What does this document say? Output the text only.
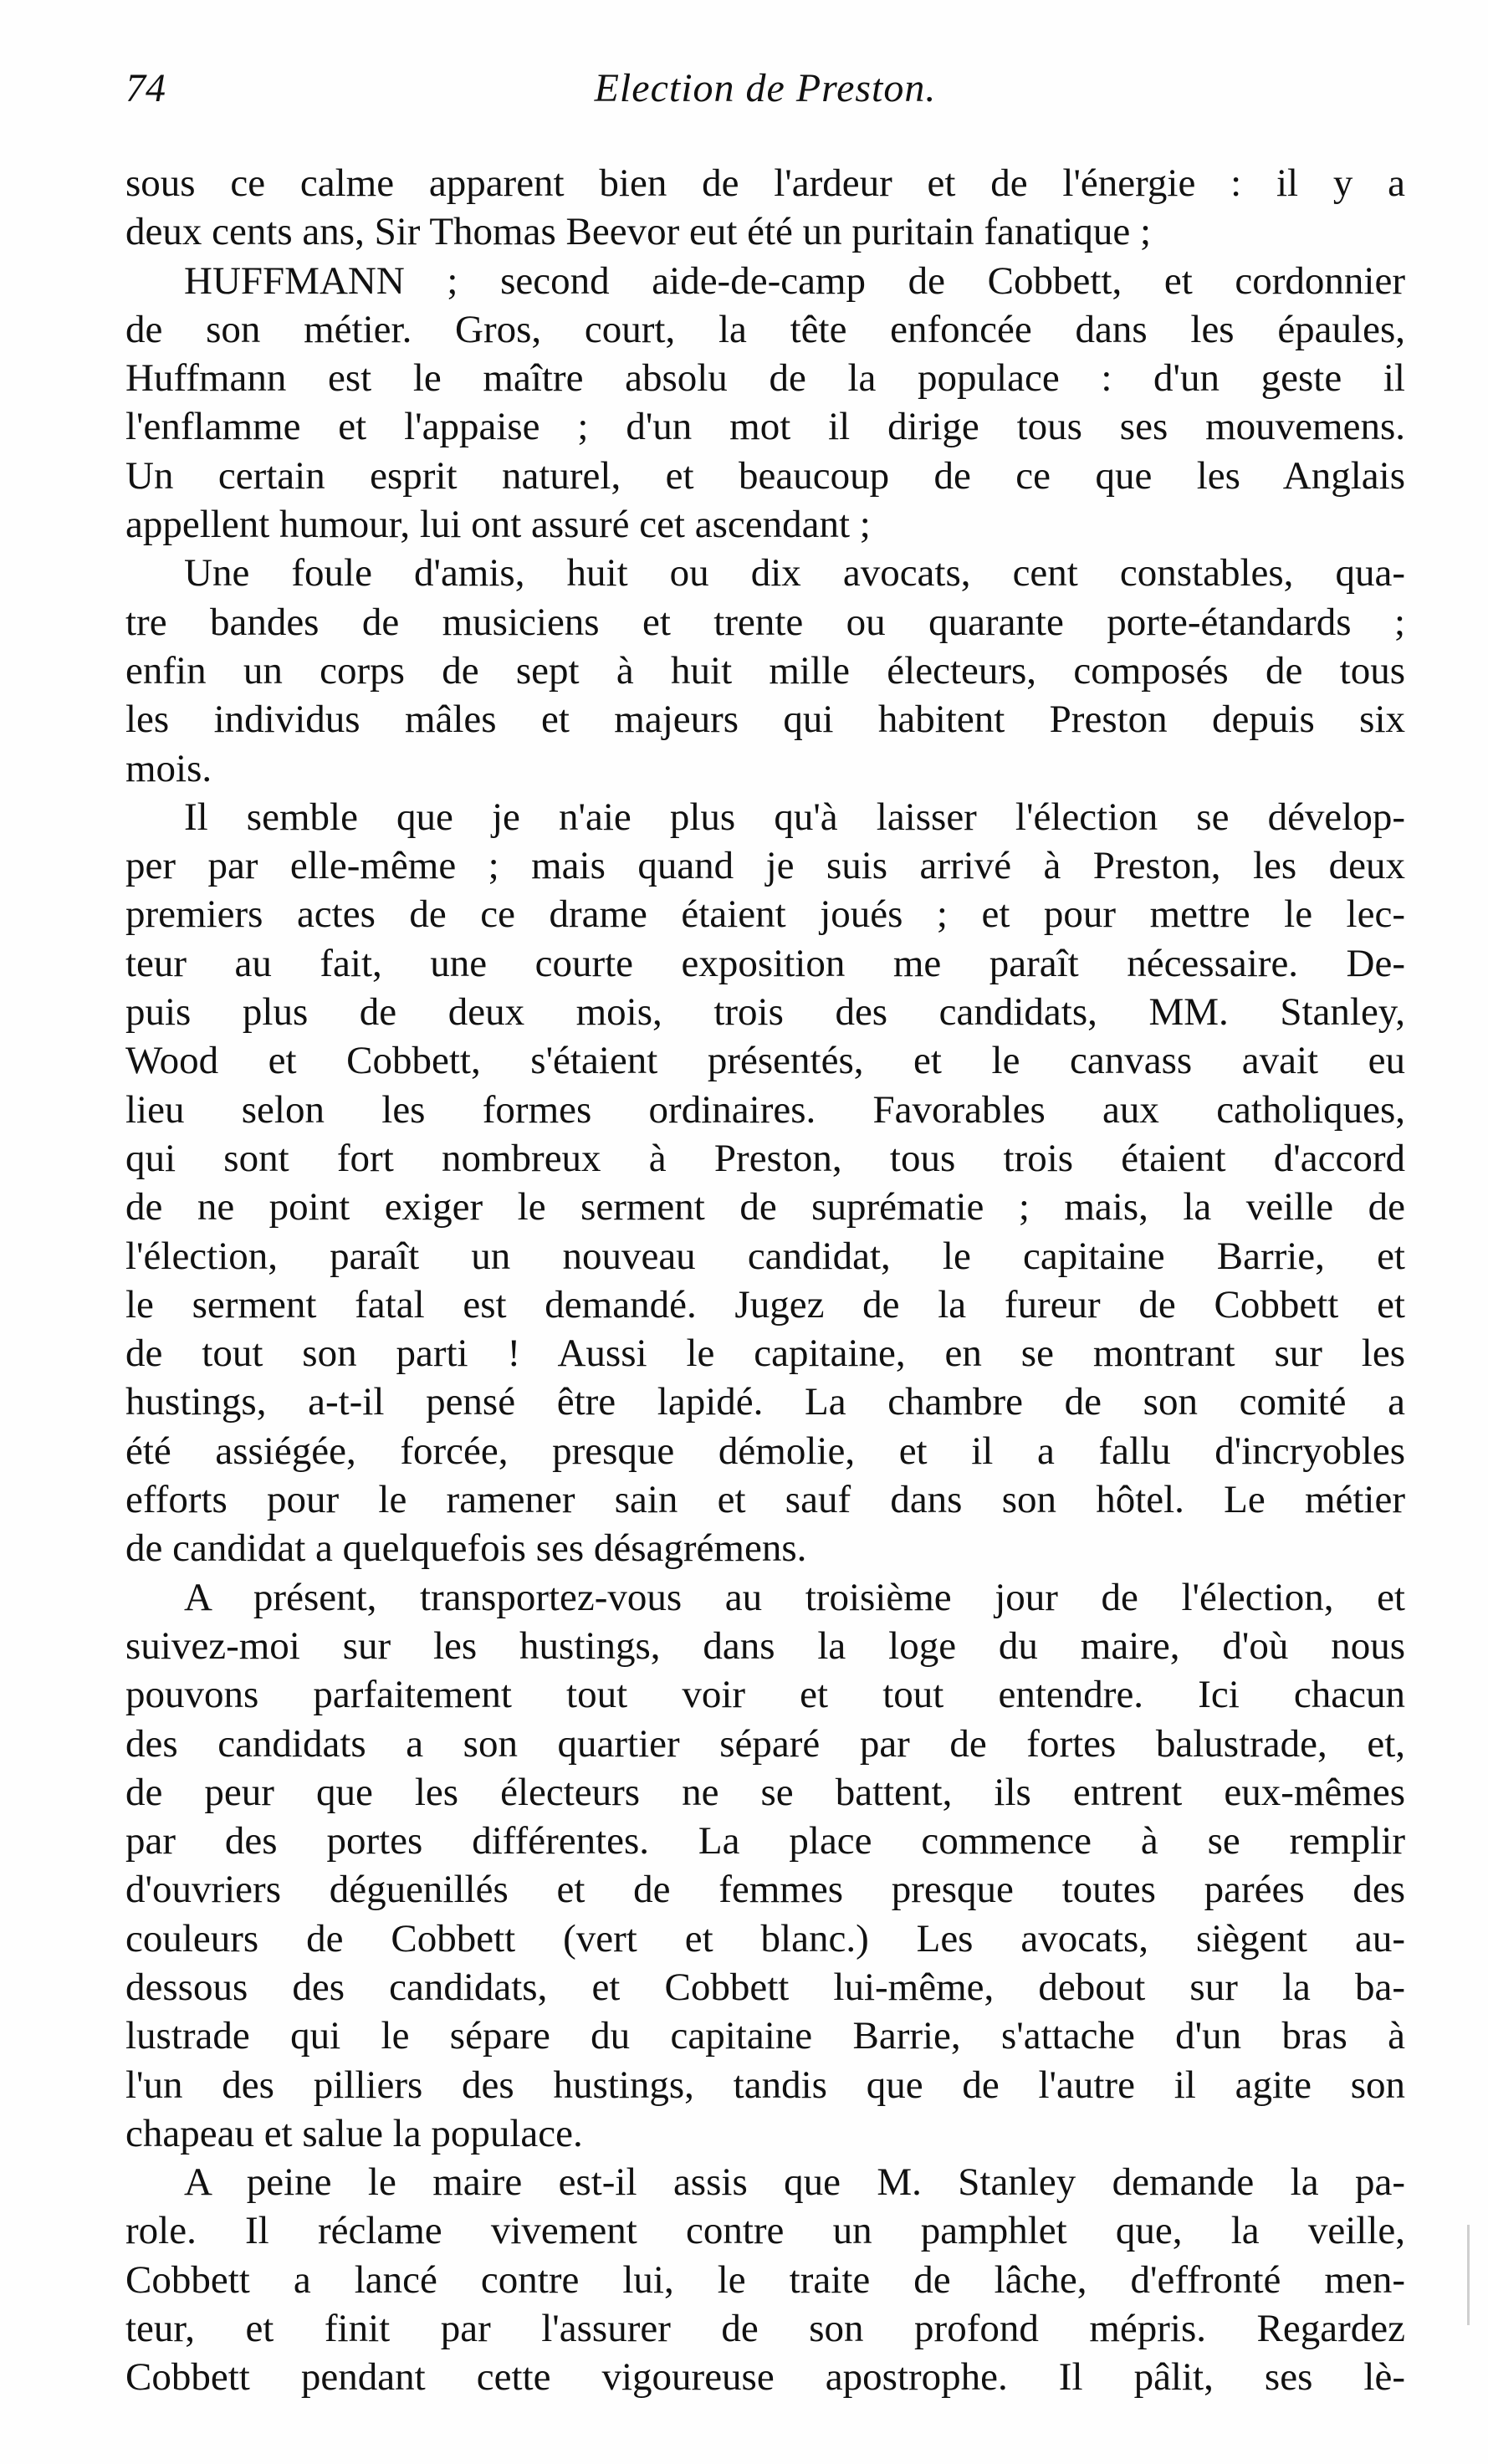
74	Election de Preston.
sous ce calme apparent bien de l'ardeur et de l'énergie : il y a
deux cents ans, Sir Thomas Beevor eut été un puritain fanatique ;
HUFFMANN ; second aide-de-camp de Cobbett, et cordonnier
de son métier. Gros, court, la tête enfoncée dans les épaules,
Huffmann est le maître absolu de la populace : d'un geste il
l'enflamme et l'appaise ; d'un mot il dirige tous ses mouvemens.
Un certain esprit naturel, et beaucoup de ce que les Anglais
appellent humour, lui ont assuré cet ascendant ;
Une foule d'amis, huit ou dix avocats, cent constables, qua-
tre bandes de musiciens et trente ou quarante porte-étandards ;
enfin un corps de sept à huit mille électeurs, composés de tous
les individus mâles et majeurs qui habitent Preston depuis six
mois.
Il semble que je n'aie plus qu'à laisser l'élection se dévelop-
per par elle-même ; mais quand je suis arrivé à Preston, les deux
premiers actes de ce drame étaient joués ; et pour mettre le lec-
teur au fait, une courte exposition me paraît nécessaire. De-
puis plus de deux mois, trois des candidats, MM. Stanley,
Wood et Cobbett, s'étaient présentés, et le canvass avait eu
lieu selon les formes ordinaires. Favorables aux catholiques,
qui sont fort nombreux à Preston, tous trois étaient d'accord
de ne point exiger le serment de suprématie ; mais, la veille de
l'élection, paraît un nouveau candidat, le capitaine Barrie, et
le serment fatal est demandé. Jugez de la fureur de Cobbett et
de tout son parti ! Aussi le capitaine, en se montrant sur les
hustings, a-t-il pensé être lapidé. La chambre de son comité a
été assiégée, forcée, presque démolie, et il a fallu d'incryobles
efforts pour le ramener sain et sauf dans son hôtel. Le métier
de candidat a quelquefois ses désagrémens.
A présent, transportez-vous au troisième jour de l'élection, et
suivez-moi sur les hustings, dans la loge du maire, d'où nous
pouvons parfaitement tout voir et tout entendre. Ici chacun
des candidats a son quartier séparé par de fortes balustrade, et,
de peur que les électeurs ne se battent, ils entrent eux-mêmes
par des portes différentes. La place commence à se remplir
d'ouvriers déguenillés et de femmes presque toutes parées des
couleurs de Cobbett (vert et blanc.) Les avocats, siègent au-
dessous des candidats, et Cobbett lui-même, debout sur la ba-
lustrade qui le sépare du capitaine Barrie, s'attache d'un bras à
l'un des pilliers des hustings, tandis que de l'autre il agite son
chapeau et salue la populace.
A peine le maire est-il assis que M. Stanley demande la pa-
role. Il réclame vivement contre un pamphlet que, la veille,
Cobbett a lancé contre lui, le traite de lâche, d'effronté men-
teur, et finit par l'assurer de son profond mépris. Regardez
Cobbett pendant cette vigoureuse apostrophe. Il pâlit, ses lè-
